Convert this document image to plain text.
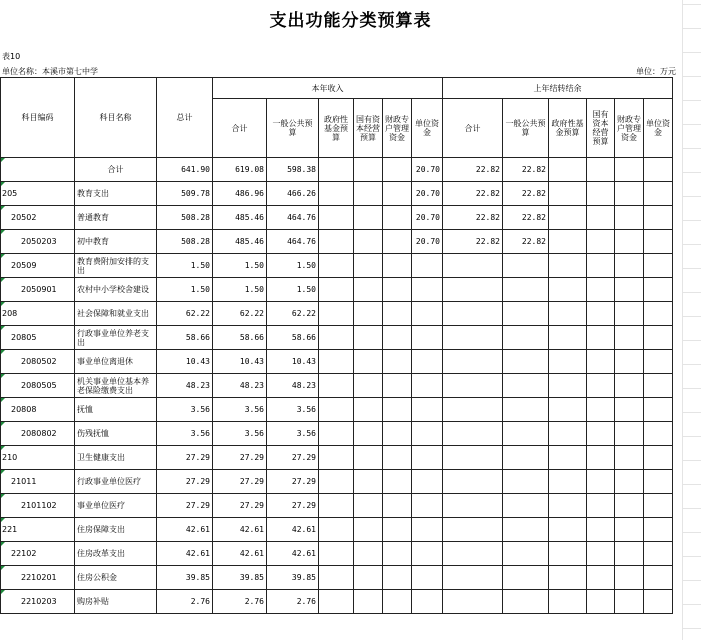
支出功能分类预算表
表10
单位名称：本溪市第七中学	单位：万元
科目编码	科目名称	总计	本年收入						上年结转结余					
			合计	一般公共预算	政府性基金预算	国有资本经营预算	财政专户管理资金	单位资金	合计	一般公共预算	政府性基金预算	国有资本经营预算	财政专户管理资金	单位资金
	合计	641.90	619.08	598.38				20.70	22.82	22.82				
205	教育支出	509.78	486.96	466.26				20.70	22.82	22.82				
20502	普通教育	508.28	485.46	464.76				20.70	22.82	22.82				
2050203	初中教育	508.28	485.46	464.76				20.70	22.82	22.82				
20509	教育费附加安排的支出	1.50	1.50	1.50										
2050901	农村中小学校舍建设	1.50	1.50	1.50										
208	社会保障和就业支出	62.22	62.22	62.22										
20805	行政事业单位养老支出	58.66	58.66	58.66										
2080502	事业单位离退休	10.43	10.43	10.43										
2080505	机关事业单位基本养老保险缴费支出	48.23	48.23	48.23										
20808	抚恤	3.56	3.56	3.56										
2080802	伤残抚恤	3.56	3.56	3.56										
210	卫生健康支出	27.29	27.29	27.29										
21011	行政事业单位医疗	27.29	27.29	27.29										
2101102	事业单位医疗	27.29	27.29	27.29										
221	住房保障支出	42.61	42.61	42.61										
22102	住房改革支出	42.61	42.61	42.61										
2210201	住房公积金	39.85	39.85	39.85										
2210203	购房补贴	2.76	2.76	2.76										
